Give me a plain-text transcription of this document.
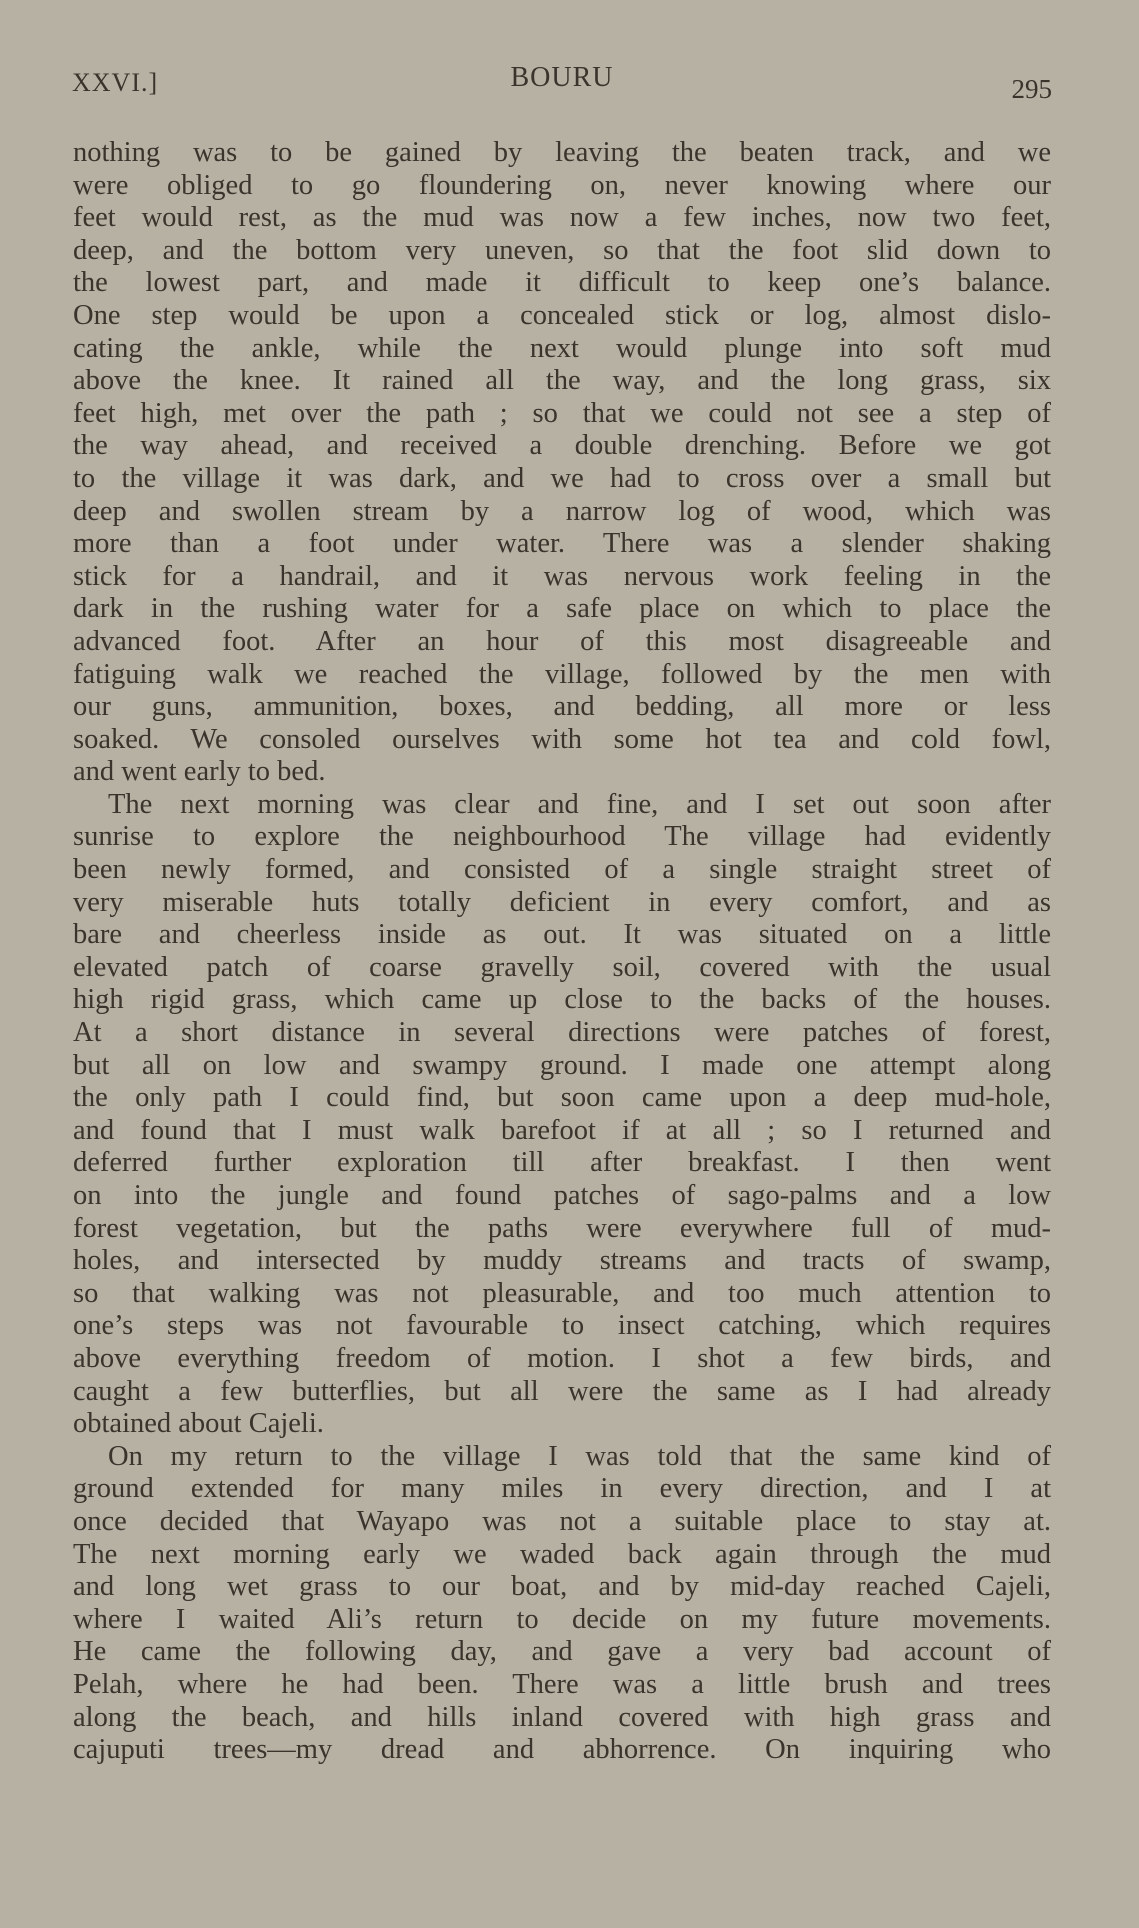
XXVI.]	BOURU	295
nothing was to be gained by leaving the beaten track, and we
were obliged to go floundering on, never knowing where our
feet would rest, as the mud was now a few inches, now two feet,
deep, and the bottom very uneven, so that the foot slid down to
the lowest part, and made it difficult to keep one’s balance.
One step would be upon a concealed stick or log, almost dislo-
cating the ankle, while the next would plunge into soft mud
above the knee. It rained all the way, and the long grass, six
feet high, met over the path ; so that we could not see a step of
the way ahead, and received a double drenching. Before we got
to the village it was dark, and we had to cross over a small but
deep and swollen stream by a narrow log of wood, which was
more than a foot under water. There was a slender shaking
stick for a handrail, and it was nervous work feeling in the
dark in the rushing water for a safe place on which to place the
advanced foot. After an hour of this most disagreeable and
fatiguing walk we reached the village, followed by the men with
our guns, ammunition, boxes, and bedding, all more or less
soaked. We consoled ourselves with some hot tea and cold fowl,
and went early to bed.
The next morning was clear and fine, and I set out soon after
sunrise to explore the neighbourhood The village had evidently
been newly formed, and consisted of a single straight street of
very miserable huts totally deficient in every comfort, and as
bare and cheerless inside as out. It was situated on a little
elevated patch of coarse gravelly soil, covered with the usual
high rigid grass, which came up close to the backs of the houses.
At a short distance in several directions were patches of forest,
but all on low and swampy ground. I made one attempt along
the only path I could find, but soon came upon a deep mud-hole,
and found that I must walk barefoot if at all ; so I returned and
deferred further exploration till after breakfast. I then went
on into the jungle and found patches of sago-palms and a low
forest vegetation, but the paths were everywhere full of mud-
holes, and intersected by muddy streams and tracts of swamp,
so that walking was not pleasurable, and too much attention to
one’s steps was not favourable to insect catching, which requires
above everything freedom of motion. I shot a few birds, and
caught a few butterflies, but all were the same as I had already
obtained about Cajeli.
On my return to the village I was told that the same kind of
ground extended for many miles in every direction, and I at
once decided that Wayapo was not a suitable place to stay at.
The next morning early we waded back again through the mud
and long wet grass to our boat, and by mid-day reached Cajeli,
where I waited Ali’s return to decide on my future movements.
He came the following day, and gave a very bad account of
Pelah, where he had been. There was a little brush and trees
along the beach, and hills inland covered with high grass and
cajuputi trees—my dread and abhorrence. On inquiring who
